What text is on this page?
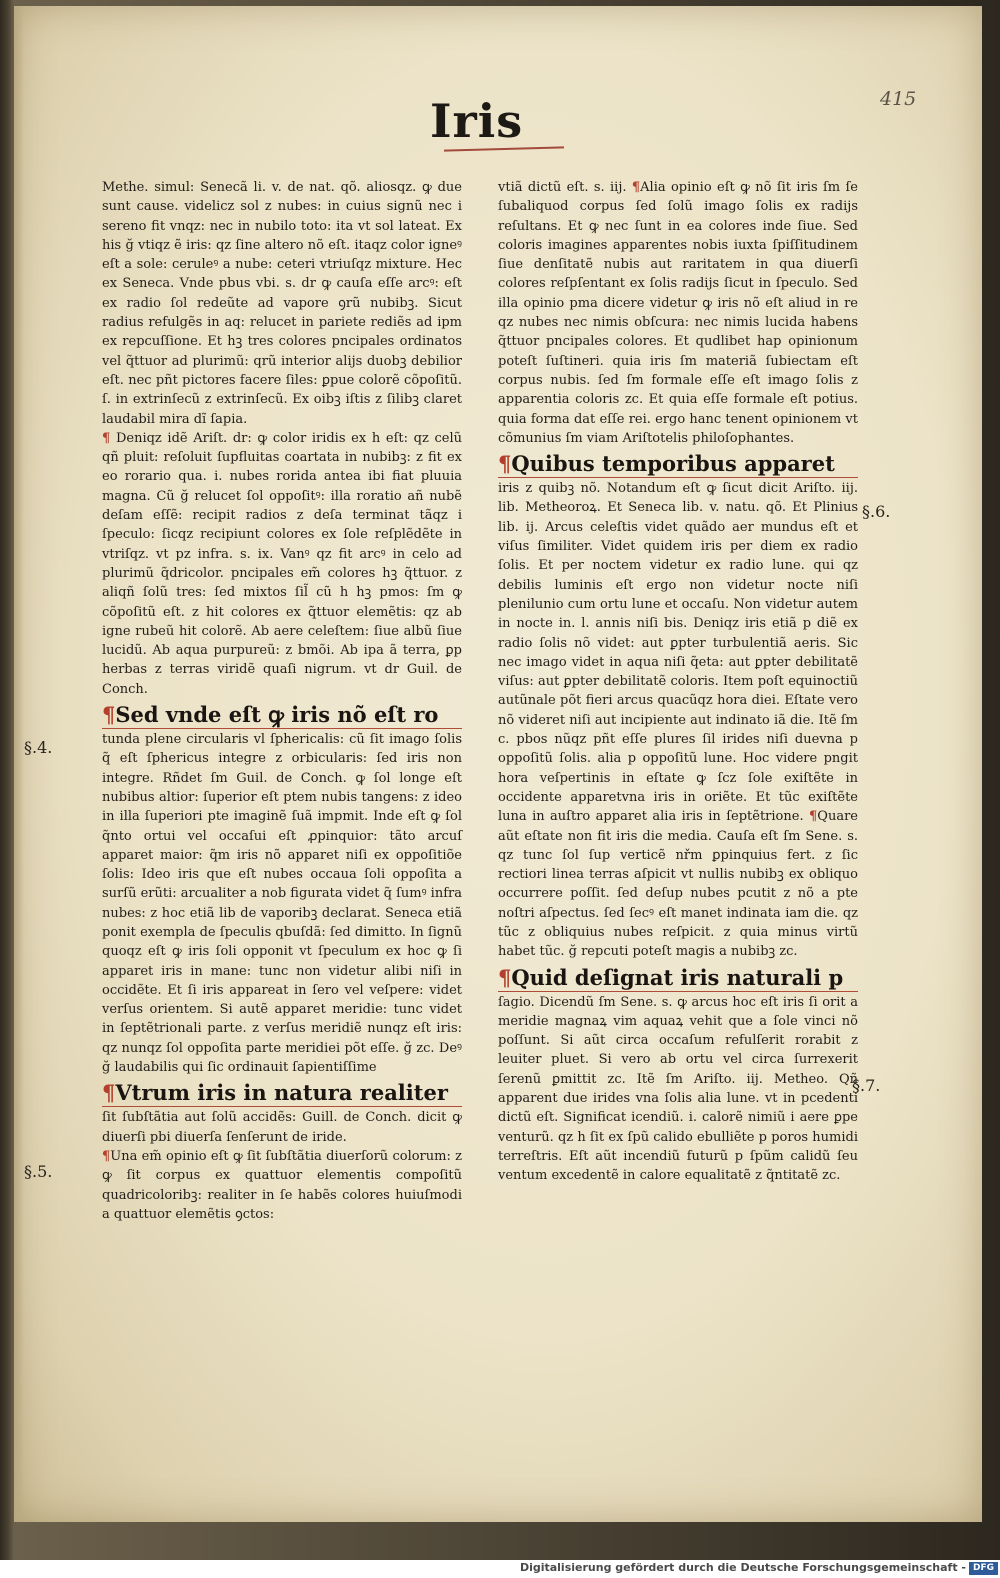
415
Iris

Methe. simul: Senecã li. v. de nat. qõ. aliosqz. ꝙ due sunt cause. videlicz sol z nubes: in cuius signũ nec i sereno fit vnqz: nec in nubilo toto: ita vt sol lateat. Ex his ğ vtiqz ẽ iris: qz ſine altero nõ eſt. itaqz color igneꝰ eſt a sole: ceruleꝰ a nube: ceteri vtriuſqz mixture. Hec ex Seneca. Vnde pbus vbi. s. dr ꝙ cauſa eſſe arcꝰ: eſt ex radio ſol redeũte ad vapore ꝯrũ nubibꝫ. Sicut radius refulgẽs in aq: relucet in pariete rediẽs ad ipm ex repcuſſione. Et hꝫ tres colores pncipales ordinatos vel q̃ttuor ad plurimũ: qrũ interior alijs duobꝫ debilior eſt. nec pñt pictores facere ſiles: ꝑpue colorẽ cõpoſitũ. ſ. in extrinſecũ z extrinſecũ. Ex oibꝫ iſtis z ſilibꝫ claret laudabil mira dĩ ſapia.

¶ Deniqz idẽ Ariſt. dr: ꝙ color iridis ex h eſt: qz celũ qñ pluit: reſoluit ſupfluitas coartata in nubibꝫ: z fit ex eo rorario qua. i. nubes rorida antea ibi fiat pluuia magna. Cũ ğ relucet ſol oppoſitꝰ: illa roratio añ nubẽ deſam eſſẽ: recipit radios z deſa terminat tãqz i ſpeculo: ſicqz recipiunt colores ex ſole reſplẽdẽte in vtriſqz. vt pz infra. s. ix. Vanꝰ qz fit arcꝰ in celo ad plurimũ q̃dricolor. pncipales em̃ colores hꝫ q̃ttuor. z aliqñ ſolũ tres: ſed mixtos ſil̃ cũ h hꝫ pmos: ſm ꝙ cõpoſitũ eſt. z hit colores ex q̃ttuor elemẽtis: qz ab igne rubeũ hit colorẽ. Ab aere celeſtem: ſiue albũ ſiue lucidũ. Ab aqua purpureũ: z bmõi. Ab ipa ã terra, ꝑp herbas z terras viridẽ quaſi nigrum. vt dr Guil. de Conch.

¶Sed vnde eſt ꝙ iris nõ eſt ro

tunda plene circularis vl ſphericalis: cũ ſit imago ſolis q̃ eſt ſphericus integre z orbicularis: ſed iris non integre. Rñdet ſm Guil. de Conch. ꝙ ſol longe eſt nubibus altior: ſuperior eſt ptem nubis tangens: z ideo in illa ſuperiori pte imaginẽ ſuã impmit. Inde eſt ꝙ ſol q̃nto ortui vel occaſui eſt ꝓpinquior: tãto arcuſ apparet maior: q̃m iris nõ apparet niſi ex oppoſitiõe ſolis: Ideo iris que eſt nubes occaua ſoli oppoſita a surſũ erũti: arcualiter a nob figurata videt q̃ ſumꝰ infra nubes: z hoc etiã lib de vaporibꝫ declarat. Seneca etiã ponit exempla de ſpeculis qbuſdã: ſed dimitto. In ſignũ quoqz eſt ꝙ iris ſoli opponit vt ſpeculum ex hoc ꝙ ſi apparet iris in mane: tunc non videtur alibi niſi in occidẽte. Et ſi iris appareat in ſero vel veſpere: videt verſus orientem. Si autẽ apparet meridie: tunc videt in ſeptẽtrionali parte. z verſus meridiẽ nunqz eſt iris: qz nunqz ſol oppoſita parte meridiei põt eſſe. ğ zc. Deꝰ ğ laudabilis qui ſic ordinauit ſapientiſſime

¶Vtrum iris in natura realiter

ſit ſubſtãtia aut ſolũ accidẽs: Guill. de Conch. dicit ꝙ diuerſi pbi diuerſa ſenſerunt de iride.

¶Una em̃ opinio eſt ꝙ ſit ſubſtãtia diuerſorũ colorum: z ꝙ ſit corpus ex quattuor elementis compoſitũ quadricoloribꝫ: realiter in ſe habẽs colores huiuſmodi a quattuor elemẽtis ꝯctos:

vtiã dictũ eſt. s. iij. ¶Alia opinio eſt ꝙ nõ ſit iris ſm ſe ſubaliquod corpus ſed ſolũ imago ſolis ex radijs reſultans. Et ꝙ nec ſunt in ea colores inde ſiue. Sed coloris imagines apparentes nobis iuxta ſpiſſitudinem ſiue denſitatẽ nubis aut raritatem in qua diuerſi colores reſpſentant ex ſolis radijs ſicut in ſpeculo. Sed illa opinio pma dicere videtur ꝙ iris nõ eſt aliud in re qz nubes nec nimis obſcura: nec nimis lucida habens q̃ttuor pncipales colores. Et qudlibet hap opinionum poteſt ſuſtineri. quia iris ſm materiã ſubiectam eſt corpus nubis. ſed ſm formale eſſe eſt imago ſolis z apparentia coloris zc. Et quia eſſe formale eſt potius. quia forma dat eſſe rei. ergo hanc tenent opinionem vt cõmunius ſm viam Ariſtotelis philoſophantes.

¶Quibus temporibus apparet

iris z quibꝫ nõ. Notandum eſt ꝙ ſicut dicit Ariſto. iij. lib. Metheoroꝝ. Et Seneca lib. v. natu. qõ. Et Plinius lib. ij. Arcus celeſtis videt quãdo aer mundus eſt et viſus ſimiliter. Videt quidem iris per diem ex radio ſolis. Et per noctem videtur ex radio lune. qui qz debilis luminis eſt ergo non videtur nocte niſi plenilunio cum ortu lune et occaſu. Non videtur autem in nocte in. l. annis niſi bis. Deniqz iris etiã p diẽ ex radio ſolis nõ videt: aut ꝑpter turbulentiã aeris. Sic nec imago videt in aqua niſi q̃eta: aut ꝑpter debilitatẽ viſus: aut ꝑpter debilitatẽ coloris. Item poſt equinoctiũ autũnale põt fieri arcus quacũqz hora diei. Eſtate vero nõ videret niſi aut incipiente aut indinato iã die. Itẽ ſm c. pbos nũqz pñt eſſe plures ſil irides niſi duevna p oppoſitũ ſolis. alia p oppoſitũ lune. Hoc videre pngit hora veſpertinis in eſtate ꝙ ſcz ſole exiſtẽte in occidente apparetvna iris in oriẽte. Et tũc exiſtẽte luna in auſtro apparet alia iris in ſeptẽtrione. ¶Quare aũt eſtate non fit iris die media. Cauſa eſt ſm Sene. s. qz tunc ſol ſup verticẽ nřm ꝑpinquius fert. z ſic rectiori linea terras aſpicit vt nullis nubibꝫ ex obliquo occurrere poſſit. ſed deſup nubes pcutit z nõ a pte noſtri aſpectus. ſed ſecꝰ eſt manet indinata iam die. qz tũc z obliquius nubes reſpicit. z quia minus virtũ habet tũc. ğ repcuti poteſt magis a nubibꝫ zc.

¶Quid deſignat iris naturali p

ſagio. Dicendũ ſm Sene. s. ꝙ arcus hoc eſt iris ſi orit a meridie magnaꝝ vim aquaꝝ vehit que a ſole vinci nõ poſſunt. Si aũt circa occaſum refulſerit rorabit z leuiter pluet. Si vero ab ortu vel circa ſurrexerit ſerenũ ꝑmittit zc. Itẽ ſm Ariſto. iij. Metheo. Qñ apparent due irides vna ſolis alia lune. vt in pcedenti dictũ eſt. Significat icendiũ. i. calorẽ nimiũ i aere ꝑpe venturũ. qz h ſit ex ſpũ calido ebulliẽte p poros humidi terreſtris. Eſt aũt incendiũ futurũ p ſpũm calidũ ſeu ventum excedentẽ in calore equalitatẽ z q̃ntitatẽ zc.

§.4.
§.5.
§.6.
§.7.
Digitalisierung gefördert durch die Deutsche Forschungsgemeinschaft - DFG
